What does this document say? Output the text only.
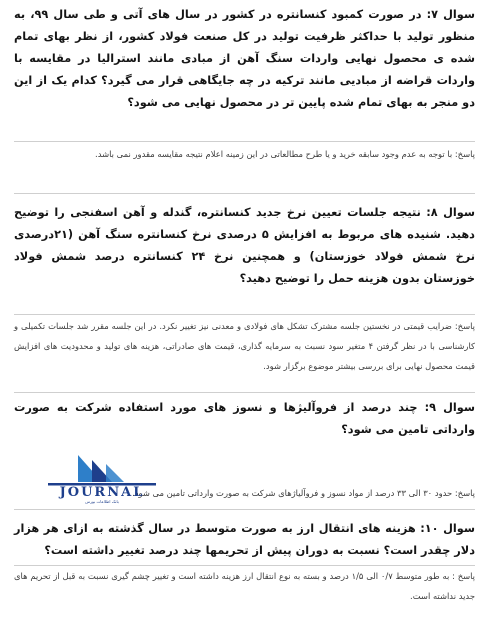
سوال ۷: در صورت کمبود کنسانتره در کشور در سال های آتی و طی سال ۹۹، به منظور تولید با حداکثر ظرفیت تولید در کل صنعت فولاد کشور، از نظر بهای تمام شده ی محصول نهایی واردات سنگ آهن از مبادی مانند استرالیا در مقایسه با واردات قراضه از مبادیی مانند ترکیه در چه جایگاهی قرار می گیرد؟ کدام یک از این دو منجر به بهای تمام شده پایین تر در محصول نهایی می شود؟
پاسخ: با توجه به عدم وجود سابقه خرید و یا طرح مطالعاتی در این زمینه اعلام نتیجه مقایسه مقدور نمی باشد.
سوال ۸: نتیجه جلسات تعیین نرخ جدید کنسانتره، گندله و آهن اسفنجی را توضیح دهید. شنیده های مربوط به افزایش ۵ درصدی نرخ کنسانتره سنگ آهن (۲۱درصدی نرخ شمش فولاد خوزستان) و همچنین نرخ ۲۴ کنسانتره درصد شمش فولاد خوزستان بدون هزینه حمل را توضیح دهید؟
پاسخ: ضرایب قیمتی در نخستین جلسه مشترک تشکل های فولادی و معدنی نیز تغییر نکرد. در این جلسه مقرر شد جلسات تکمیلی و کارشناسی با در نظر گرفتن ۴ متغیر سود نسبت به سرمایه گذاری، قیمت های صادراتی، هزینه های تولید و محدودیت های افزایش قیمت محصول نهایی برای بررسی بیشتر موضوع برگزار شود.
سوال ۹: چند درصد از فروآلیژها و نسوز های مورد استفاده شرکت به صورت وارداتی تامین می شود؟
پاسخ: حدود ۳۰ الی ۳۳ درصد از مواد نسوز و فروآلیاژهای شرکت به صورت وارداتی تامین می شود.
سوال ۱۰: هزینه های انتقال ارز به صورت متوسط در سال گذشته به ازای هر هزار دلار چقدر است؟ نسبت به دوران پیش از تحریمها چند درصد تغییر داشته است؟
پاسخ : به طور متوسط ۰/۷ الی ۱/۵ درصد و بسته به نوع انتقال ارز هزینه داشته است و تغییر چشم گیری نسبت به قبل از تحریم های جدید نداشته است.
JOURNAL
بانک اطلاعات بورس
